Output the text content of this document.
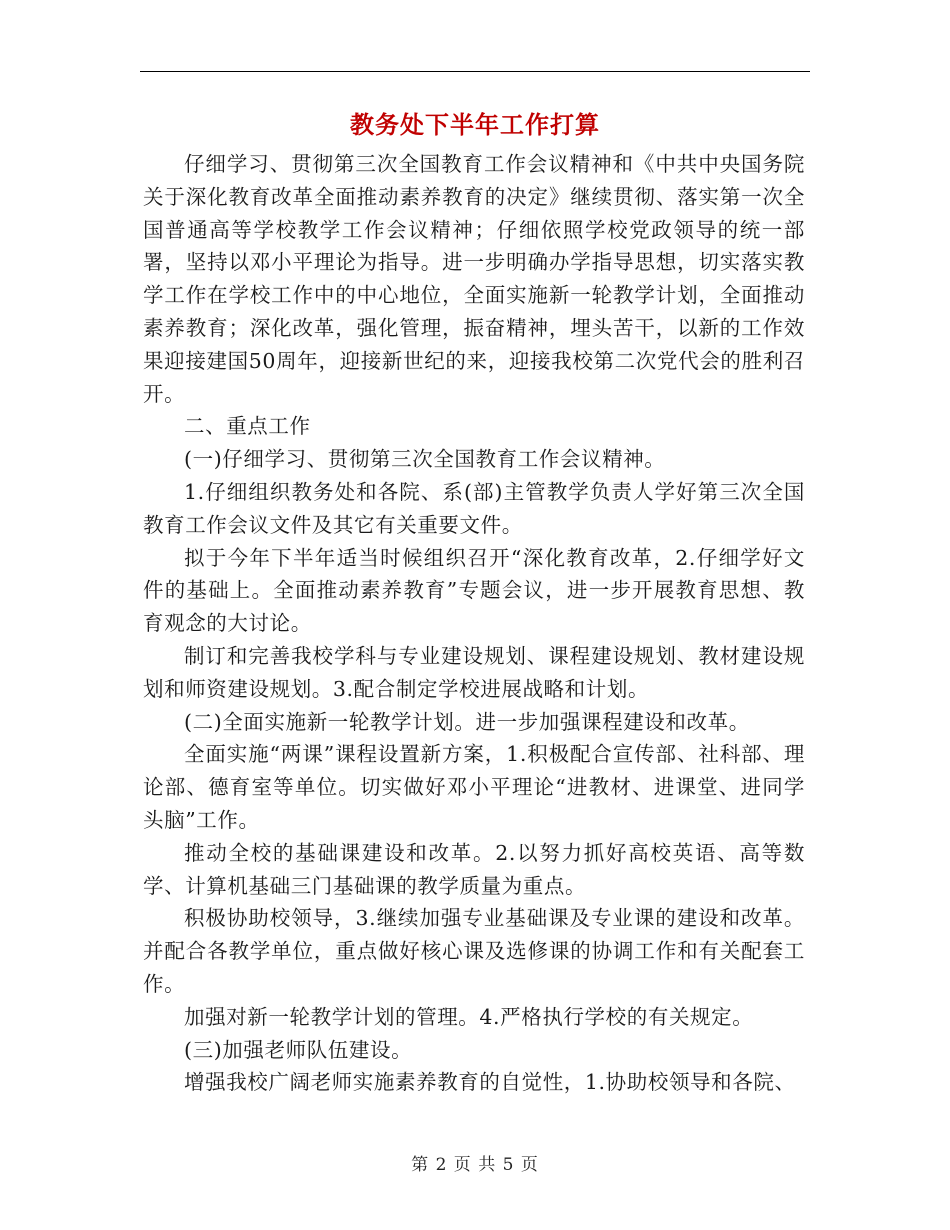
教务处下半年工作打算

仔细学习、贯彻第三次全国教育工作会议精神和《中共中央国务院关于深化教育改革全面推动素养教育的决定》继续贯彻、落实第一次全国普通高等学校教学工作会议精神；仔细依照学校党政领导的统一部署，坚持以邓小平理论为指导。进一步明确办学指导思想，切实落实教学工作在学校工作中的中心地位，全面实施新一轮教学计划，全面推动素养教育；深化改革，强化管理，振奋精神，埋头苦干，以新的工作效果迎接建国50周年，迎接新世纪的来，迎接我校第二次党代会的胜利召开。

二、重点工作

(一)仔细学习、贯彻第三次全国教育工作会议精神。

1.仔细组织教务处和各院、系(部)主管教学负责人学好第三次全国教育工作会议文件及其它有关重要文件。

拟于今年下半年适当时候组织召开“深化教育改革，2.仔细学好文件的基础上。全面推动素养教育”专题会议，进一步开展教育思想、教育观念的大讨论。

制订和完善我校学科与专业建设规划、课程建设规划、教材建设规划和师资建设规划。3.配合制定学校进展战略和计划。

(二)全面实施新一轮教学计划。进一步加强课程建设和改革。

全面实施“两课”课程设置新方案，1.积极配合宣传部、社科部、理论部、德育室等单位。切实做好邓小平理论“进教材、进课堂、进同学头脑”工作。

推动全校的基础课建设和改革。2.以努力抓好高校英语、高等数学、计算机基础三门基础课的教学质量为重点。

积极协助校领导，3.继续加强专业基础课及专业课的建设和改革。并配合各教学单位，重点做好核心课及选修课的协调工作和有关配套工作。

加强对新一轮教学计划的管理。4.严格执行学校的有关规定。

(三)加强老师队伍建设。

增强我校广阔老师实施素养教育的自觉性，1.协助校领导和各院、

第 2 页 共 5 页
